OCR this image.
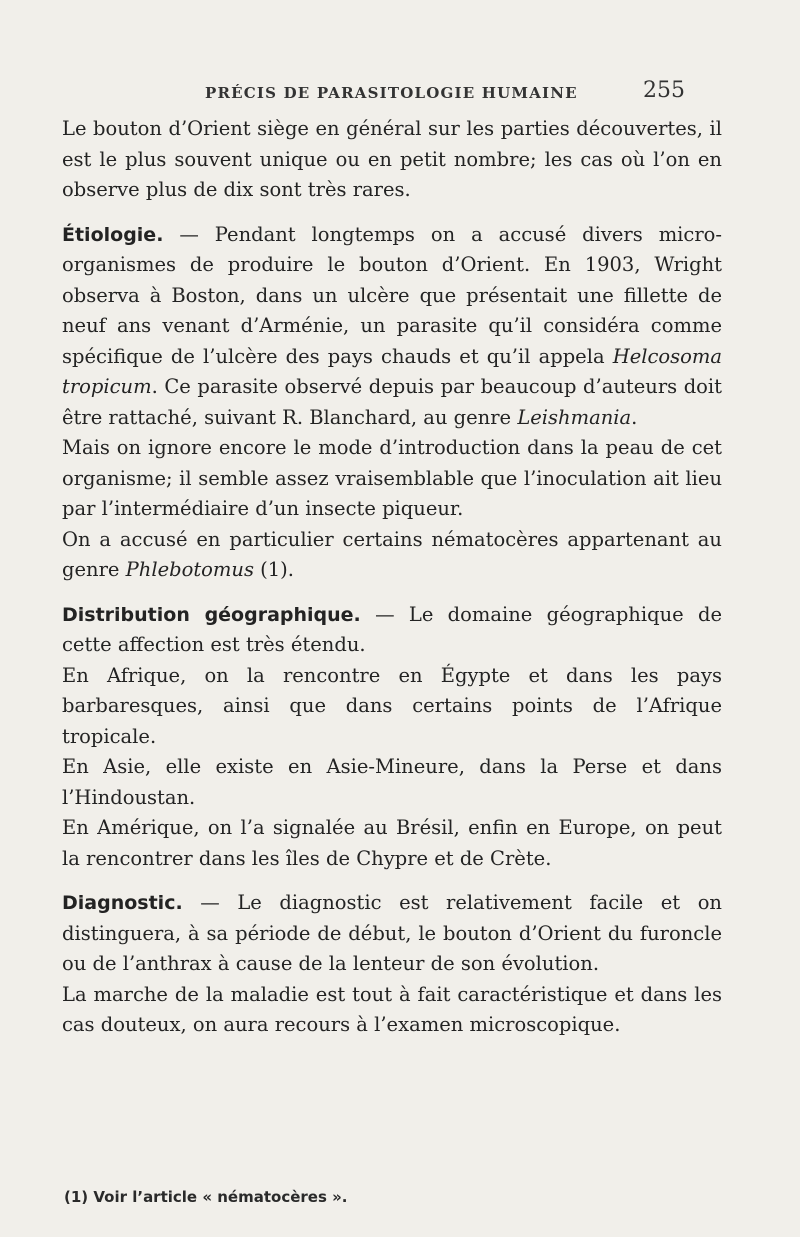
PRÉCIS DE PARASITOLOGIE HUMAINE	255

Le bouton d’Orient siège en général sur les parties découvertes, il est le plus souvent unique ou en petit nombre; les cas où l’on en observe plus de dix sont très rares.

Étiologie. — Pendant longtemps on a accusé divers micro-organismes de produire le bouton d’Orient. En 1903, Wright observa à Boston, dans un ulcère que présentait une fillette de neuf ans venant d’Arménie, un parasite qu’il considéra comme spécifique de l’ulcère des pays chauds et qu’il appela Helcosoma tropicum. Ce parasite observé depuis par beaucoup d’auteurs doit être rattaché, suivant R. Blanchard, au genre Leishmania.

Mais on ignore encore le mode d’introduction dans la peau de cet organisme; il semble assez vraisemblable que l’inoculation ait lieu par l’intermédiaire d’un insecte piqueur.

On a accusé en particulier certains nématocères appartenant au genre Phlebotomus (1).

Distribution géographique. — Le domaine géographique de cette affection est très étendu.

En Afrique, on la rencontre en Égypte et dans les pays barbaresques, ainsi que dans certains points de l’Afrique tropicale.

En Asie, elle existe en Asie-Mineure, dans la Perse et dans l’Hindoustan.

En Amérique, on l’a signalée au Brésil, enfin en Europe, on peut la rencontrer dans les îles de Chypre et de Crète.

Diagnostic. — Le diagnostic est relativement facile et on distinguera, à sa période de début, le bouton d’Orient du furoncle ou de l’anthrax à cause de la lenteur de son évolution.

La marche de la maladie est tout à fait caractéristique et dans les cas douteux, on aura recours à l’examen microscopique.

(1) Voir l’article « nématocères ».
